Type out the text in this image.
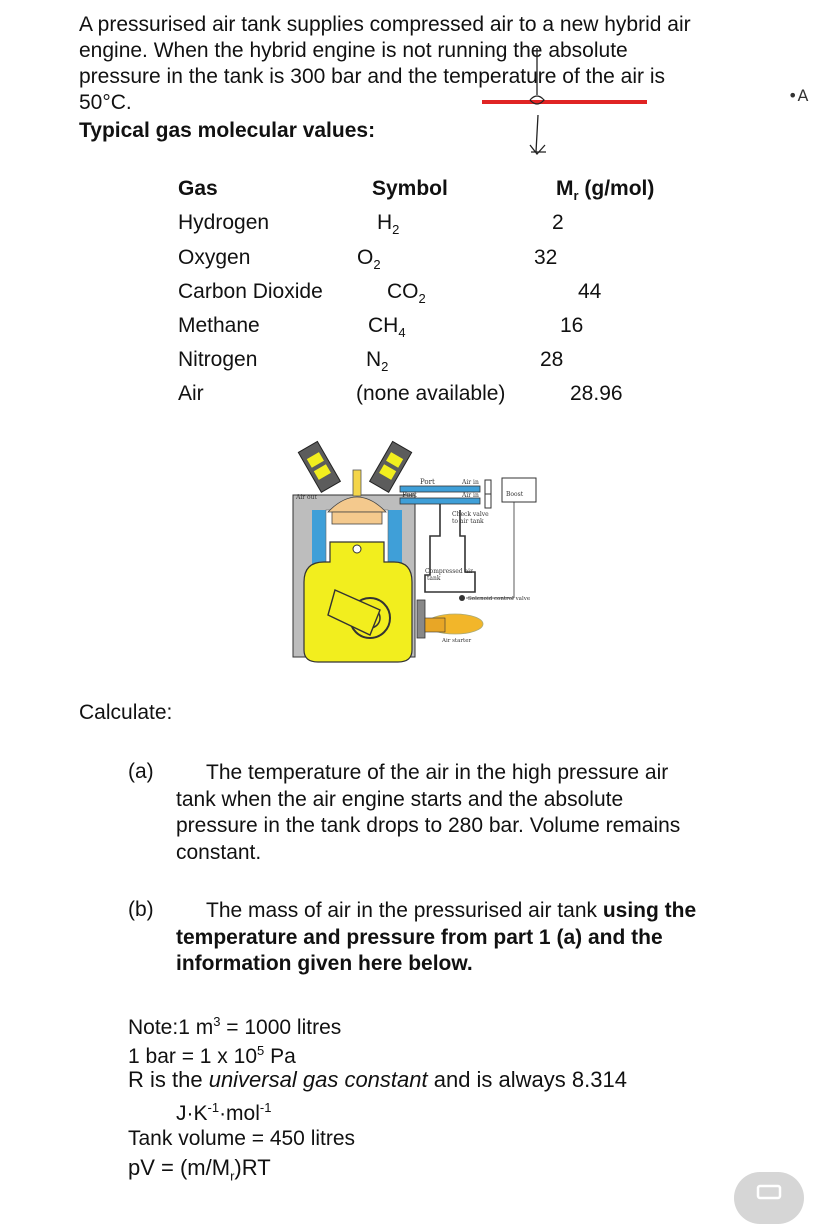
A pressurised air tank supplies compressed air to a new hybrid air
engine. When the hybrid engine is not running the absolute
pressure in the tank is 300 bar and the temperature of the air is
50°C.	•A
Typical gas molecular values:
Gas	Symbol	$M_r$ (g/mol)
Hydrogen	$H_2$	2
Oxygen	$O_2$	32
Carbon Dioxide	$CO_2$	44
Methane	$CH_4$	16
Nitrogen	$N_2$	28
Air	(none available)	28.96
Air out
Port
Port
Air in
Air in	Boost
Check valve
to air tank
Compressed air
tank
Solenoid control valve
Air starter
Calculate:
(a)	The temperature of the air in the high pressure air
tank when the air engine starts and the absolute
pressure in the tank drops to 280 bar. Volume remains
constant.
(b)	The mass of air in the pressurised air tank using the
temperature and pressure from part 1 (a) and the
information given here below.
Note:1 $m^3 = 1000$ litres
1 bar = 1 x $10^5$ Pa
R is the universal gas constant and is always 8.314
$J\cdot K^{-1}\cdot mol^{-1}$
Tank volume = 450 litres
pV = $(m/M_r)RT$
